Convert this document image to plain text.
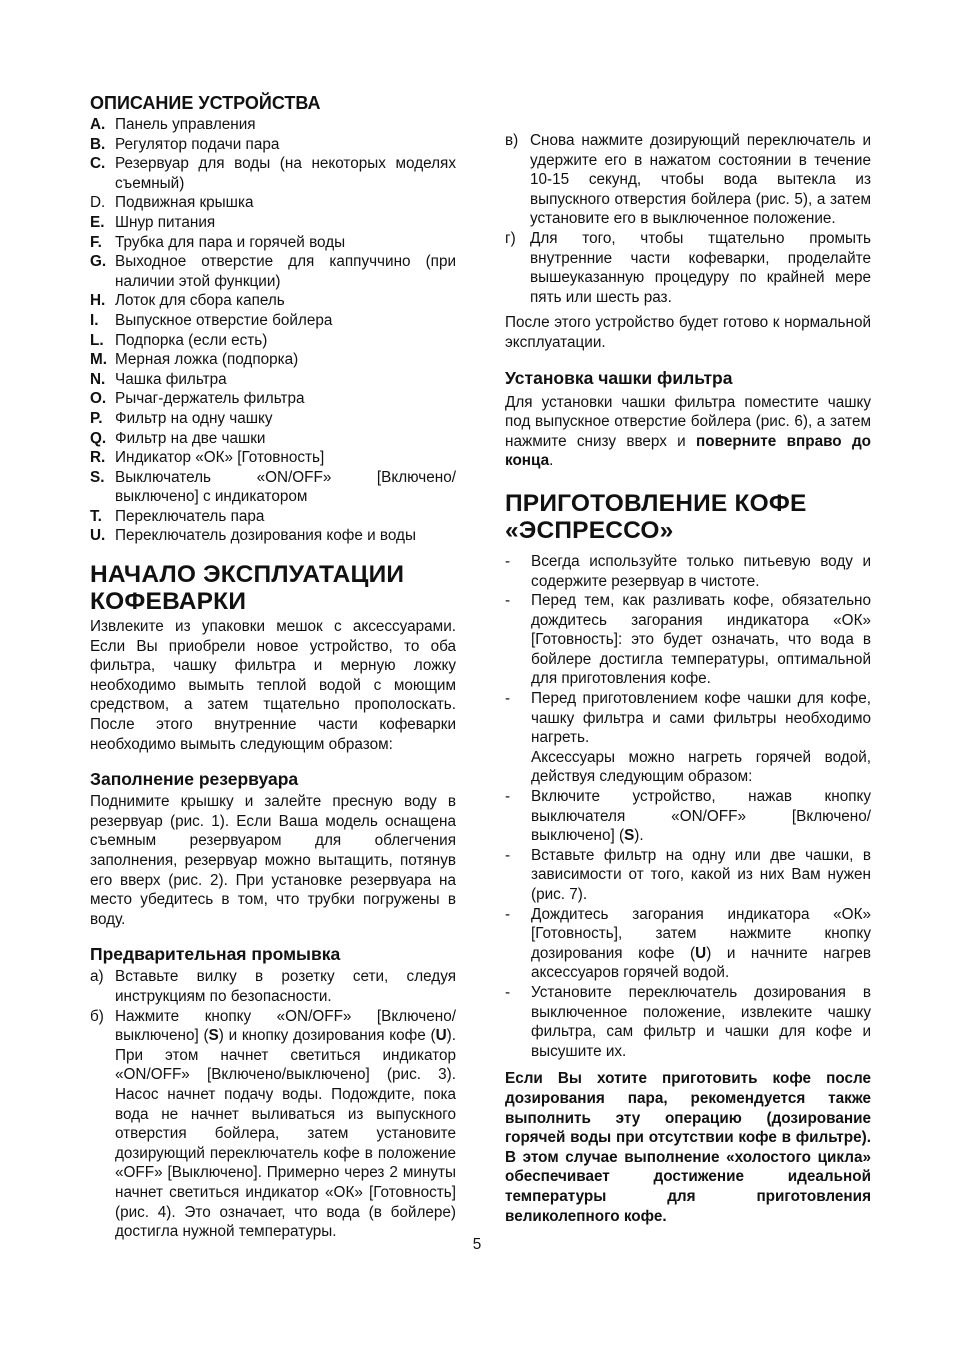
ОПИСАНИЕ УСТРОЙСТВА
A. Панель управления
B. Регулятор подачи пара
C. Резервуар для воды (на некоторых моделях съемный)
D. Подвижная крышка
E. Шнур питания
F. Трубка для пара и горячей воды
G. Выходное отверстие для каппуччино (при наличии этой функции)
H. Лоток для сбора капель
I.	Выпускное отверстие бойлера
L. Подпорка (если есть)
M. Мерная ложка (подпорка)
N. Чашка фильтра
O. Рычаг-держатель фильтра
P. Фильтр на одну чашку
Q. Фильтр на две чашки
R. Индикатор «ОК» [Готовность]
S. Выключатель «ON/OFF» [Включено/выключено] с индикатором
T. Переключатель пара
U. Переключатель дозирования кофе и воды
НАЧАЛО ЭКСПЛУАТАЦИИ КОФЕВАРКИ

Извлеките из упаковки мешок с аксессуарами. Если Вы приобрели новое устройство, то оба фильтра, чашку фильтра и мерную ложку необходимо вымыть теплой водой с моющим средством, а затем тщательно прополоскать. После этого внутренние части кофеварки необходимо вымыть следующим образом:

Заполнение резервуара

Поднимите крышку и залейте пресную воду в резервуар (рис. 1). Если Ваша модель оснащена съемным резервуаром для облегчения заполнения, резервуар можно вытащить, потянув его вверх (рис. 2). При установке резервуара на место убедитесь в том, что трубки погружены в воду.

Предварительная промывка
а) Вставьте вилку в розетку сети, следуя инструкциям по безопасности.
б) Нажмите кнопку «ON/OFF» [Включено/выключено] (S) и кнопку дозирования кофе (U). При этом начнет светиться индикатор «ON/OFF» [Включено/выключено] (рис. 3). Насос начнет подачу воды. Подождите, пока вода не начнет выливаться из выпускного отверстия бойлера, затем установите дозирующий переключатель кофе в положение «OFF» [Выключено]. Примерно через 2 минуты начнет светиться индикатор «ОК» [Готовность] (рис. 4). Это означает, что вода (в бойлере) достигла нужной температуры.
в) Снова нажмите дозирующий переключатель и удержите его в нажатом состоянии в течение 10-15 секунд, чтобы вода вытекла из выпускного отверстия бойлера (рис. 5), а затем установите его в выключенное положение.
г) Для того, чтобы тщательно промыть внутренние части кофеварки, проделайте вышеуказанную процедуру по крайней мере пять или шесть раз.

После этого устройство будет готово к нормальной эксплуатации.

Установка чашки фильтра

Для установки чашки фильтра поместите чашку под выпускное отверстие бойлера (рис. 6), а затем нажмите снизу вверх и поверните вправо до конца.

ПРИГОТОВЛЕНИЕ КОФЕ «ЭСПРЕССО»
-	Всегда используйте только питьевую воду и содержите резервуар в чистоте.
-	Перед тем, как разливать кофе, обязательно дождитесь загорания индикатора «ОК» [Готовность]: это будет означать, что вода в бойлере достигла температуры, оптимальной для приготовления кофе.
-	Перед приготовлением кофе чашки для кофе, чашку фильтра и сами фильтры необходимо нагреть.
Аксессуары можно нагреть горячей водой, действуя следующим образом:
-	Включите устройство, нажав кнопку выключателя «ON/OFF» [Включено/выключено] (S).
-	Вставьте фильтр на одну или две чашки, в зависимости от того, какой из них Вам нужен (рис. 7).
-	Дождитесь загорания индикатора «ОК» [Готовность], затем нажмите кнопку дозирования кофе (U) и начните нагрев аксессуаров горячей водой.
-	Установите переключатель дозирования в выключенное положение, извлеките чашку фильтра, сам фильтр и чашки для кофе и высушите их.

Если Вы хотите приготовить кофе после дозирования пара, рекомендуется также выполнить эту операцию (дозирование горячей воды при отсутствии кофе в фильтре). В этом случае выполнение «холостого цикла» обеспечивает достижение идеальной температуры для приготовления великолепного кофе.

5
